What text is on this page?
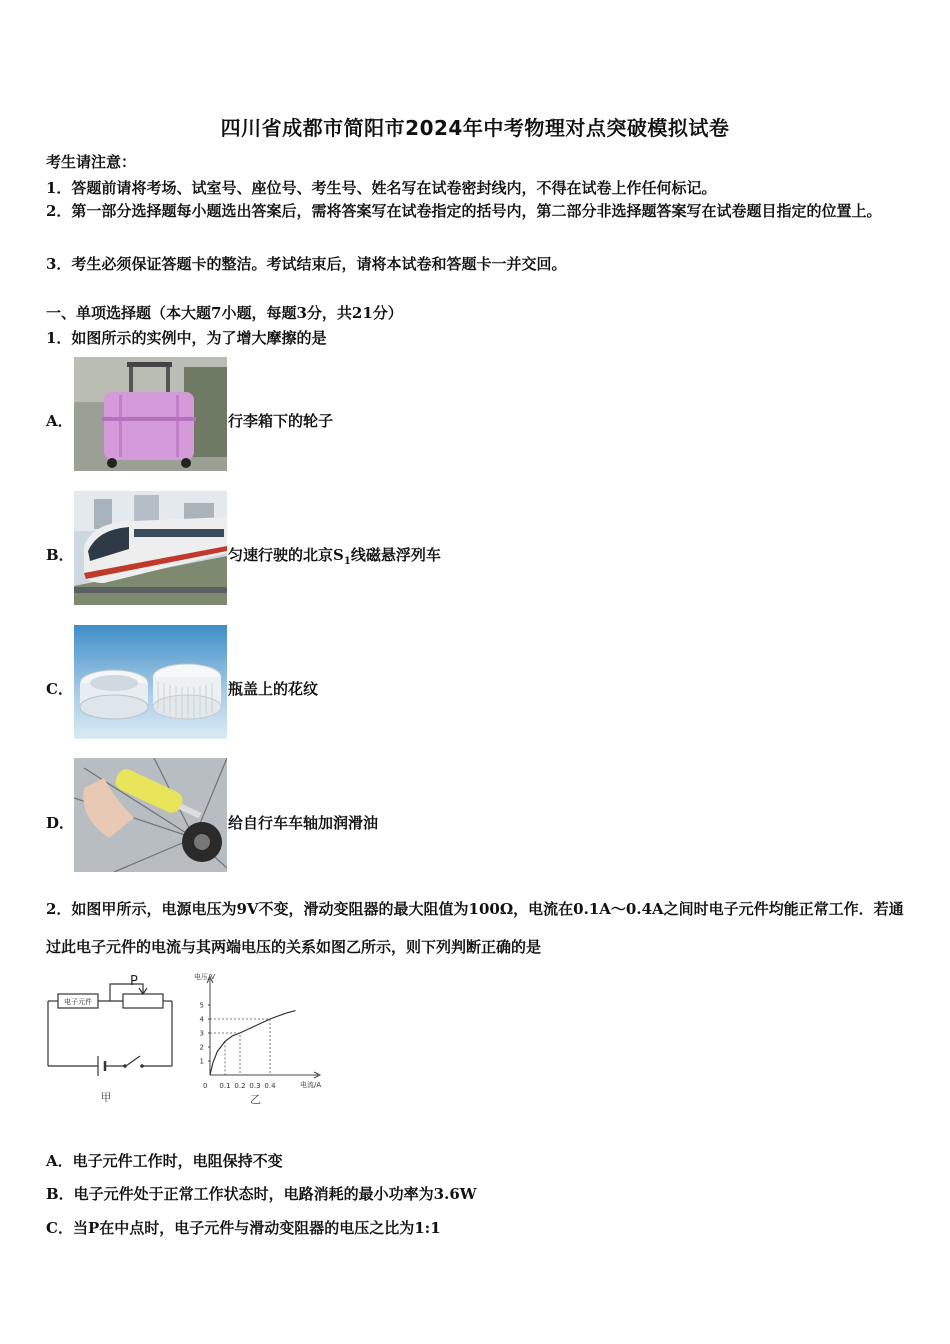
四川省成都市简阳市2024年中考物理对点突破模拟试卷
考生请注意：
1．答题前请将考场、试室号、座位号、考生号、姓名写在试卷密封线内，不得在试卷上作任何标记。
2．第一部分选择题每小题选出答案后，需将答案写在试卷指定的括号内，第二部分非选择题答案写在试卷题目指定的位置上。
3．考生必须保证答题卡的整洁。考试结束后，请将本试卷和答题卡一并交回。
一、单项选择题（本大题7小题，每题3分，共21分）
1．如图所示的实例中，为了增大摩擦的是
A．	行李箱下的轮子
B．	匀速行驶的北京$S_1$线磁悬浮列车
C．	瓶盖上的花纹
D．	给自行车车轴加润滑油
2．如图甲所示，电源电压为9V不变，滑动变阻器的最大阻值为100Ω，电流在0.1A～0.4A之间时电子元件均能正常工作．若通过此电子元件的电流与其两端电压的关系如图乙所示，则下列判断正确的是
电子元件
P
甲
1
2
3
4
5
0.1 0.2 0.3 0.4
电压/V
电流/A
乙
0
A．电子元件工作时，电阻保持不变
B．电子元件处于正常工作状态时，电路消耗的最小功率为3.6W
C．当P在中点时，电子元件与滑动变阻器的电压之比为1:1
